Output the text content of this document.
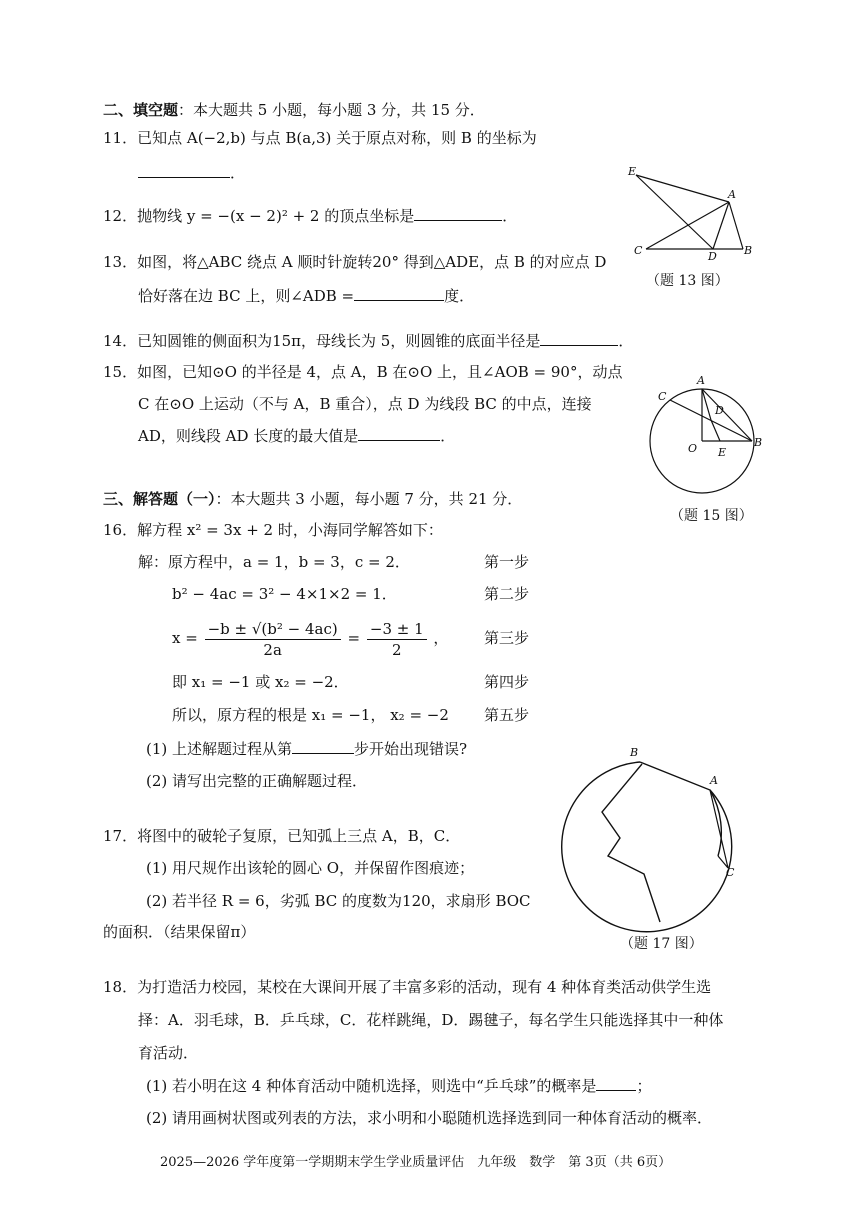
二、填空题：本大题共 5 小题，每小题 3 分，共 15 分．
11．已知点 A(−2,b) 与点 B(a,3) 关于原点对称，则 B 的坐标为
．
12．抛物线 y = −(x − 2)² + 2 的顶点坐标是	．
13．如图，将△ABC 绕点 A 顺时针旋转20° 得到△ADE，点 B 的对应点 D
恰好落在边 BC 上，则∠ADB =	度．
E
A
C	D B
（题 13 图）
14．已知圆锥的侧面积为15π，母线长为 5，则圆锥的底面半径是	．
15．如图，已知⊙O 的半径是 4，点 A，B 在⊙O 上，且∠AOB = 90°，动点
C 在⊙O 上运动（不与 A，B 重合），点 D 为线段 BC 的中点，连接
AD，则线段 AD 长度的最大值是	．
A
C
D
O E
B
（题 15 图）
三、解答题（一）：本大题共 3 小题，每小题 7 分，共 21 分．
16．解方程 x² = 3x + 2 时，小海同学解答如下：
解：原方程中，a = 1，b = 3，c = 2．	第一步
b² − 4ac = 3² − 4×1×2 = 1．	第二步
$x = \frac{\text{−b ± √(b² − 4ac)}}{2a} = \frac{-3 \pm 1}{2}$ ， 第三步
即 x₁ = −1 或 x₂ = −2．	第四步
所以，原方程的根是 x₁ = −1， x₂ = −2 第五步
(1) 上述解题过程从第	步开始出现错误?
(2) 请写出完整的正确解题过程．
B
A
C
（题 17 图）
17．将图中的破轮子复原，已知弧上三点 A，B，C．
(1) 用尺规作出该轮的圆心 O，并保留作图痕迹；
(2) 若半径 R = 6，劣弧 BC 的度数为120，求扇形 BOC
的面积．（结果保留π）
18．为打造活力校园，某校在大课间开展了丰富多彩的活动，现有 4 种体育类活动供学生选
择：A．羽毛球，B．乒乓球，C．花样跳绳，D．踢毽子，每名学生只能选择其中一种体
育活动．
(1) 若小明在这 4 种体育活动中随机选择，则选中“乒乓球”的概率是	；
(2) 请用画树状图或列表的方法，求小明和小聪随机选择选到同一种体育活动的概率．
2025—2026 学年度第一学期期末学生学业质量评估　九年级　数学　第 3页（共 6页）
